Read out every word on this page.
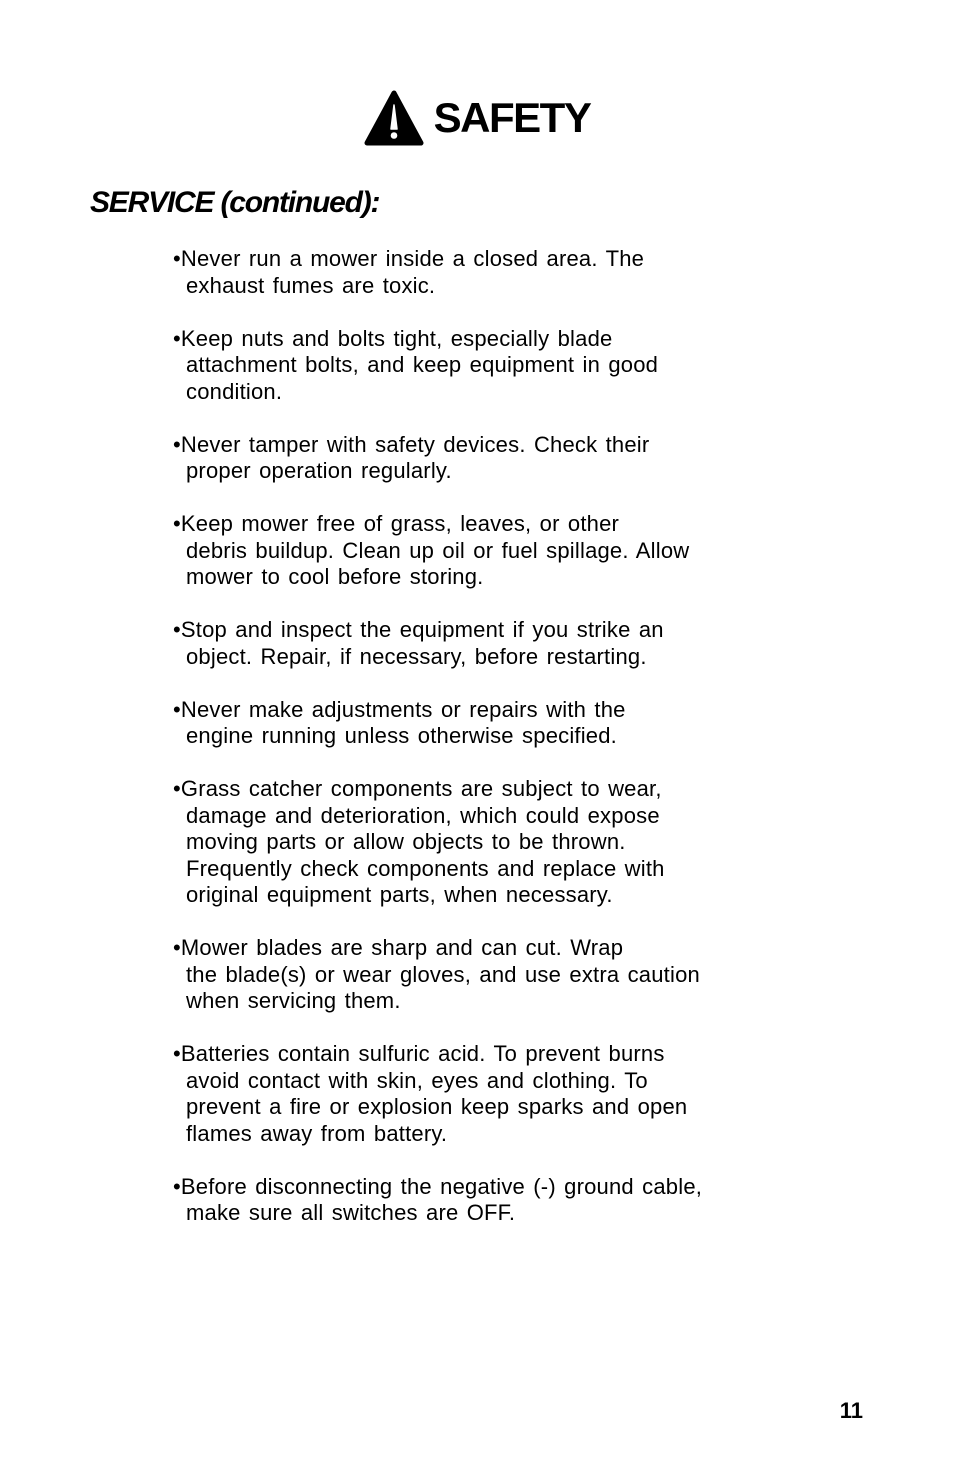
SAFETY
SERVICE (continued):
• Never run a mower inside a closed area. The
exhaust fumes are toxic.
• Keep nuts and bolts tight, especially blade
attachment bolts, and keep equipment in good
condition.
• Never tamper with safety devices. Check their
proper operation regularly.
• Keep mower free of grass, leaves, or other
debris buildup. Clean up oil or fuel spillage. Allow
mower to cool before storing.
• Stop and inspect the equipment if you strike an
object. Repair, if necessary, before restarting.
• Never make adjustments or repairs with the
engine running unless otherwise specified.
• Grass catcher components are subject to wear,
damage and deterioration, which could expose
moving parts or allow objects to be thrown.
Frequently check components and replace with
original equipment parts, when necessary.
• Mower blades are sharp and can cut. Wrap
the blade(s) or wear gloves, and use extra caution
when servicing them.
• Batteries contain sulfuric acid. To prevent burns
avoid contact with skin, eyes and clothing. To
prevent a fire or explosion keep sparks and open
flames away from battery.
• Before disconnecting the negative (-) ground cable,
make sure all switches are OFF.
11
